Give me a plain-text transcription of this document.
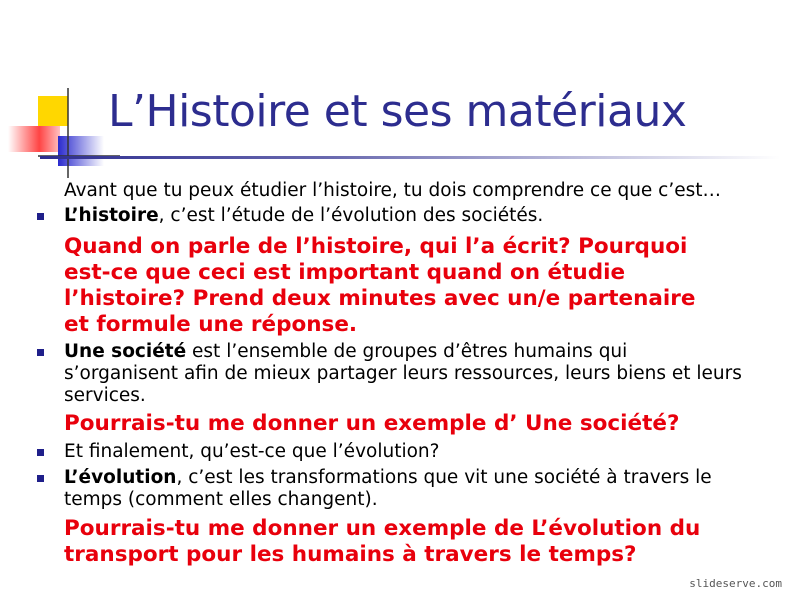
L’Histoire et ses matériaux

Avant que tu peux étudier l’histoire, tu dois comprendre ce que c’est…

L’histoire, c’est l’étude de l’évolution des sociétés.

Quand on parle de l’histoire, qui l’a écrit? Pourquoi

est-ce que ceci est important quand on étudie

l’histoire? Prend deux minutes avec un/e partenaire

et formule une réponse.

Une société est l’ensemble de groupes d’êtres humains qui

s’organisent afin de mieux partager leurs ressources, leurs biens et leurs

services.

Pourrais-tu me donner un exemple d’ Une société?

Et finalement, qu’est-ce que l’évolution?

L’évolution, c’est les transformations que vit une société à travers le

temps (comment elles changent).

Pourrais-tu me donner un exemple de L’évolution du

transport pour les humains à travers le temps?

slideserve.com
